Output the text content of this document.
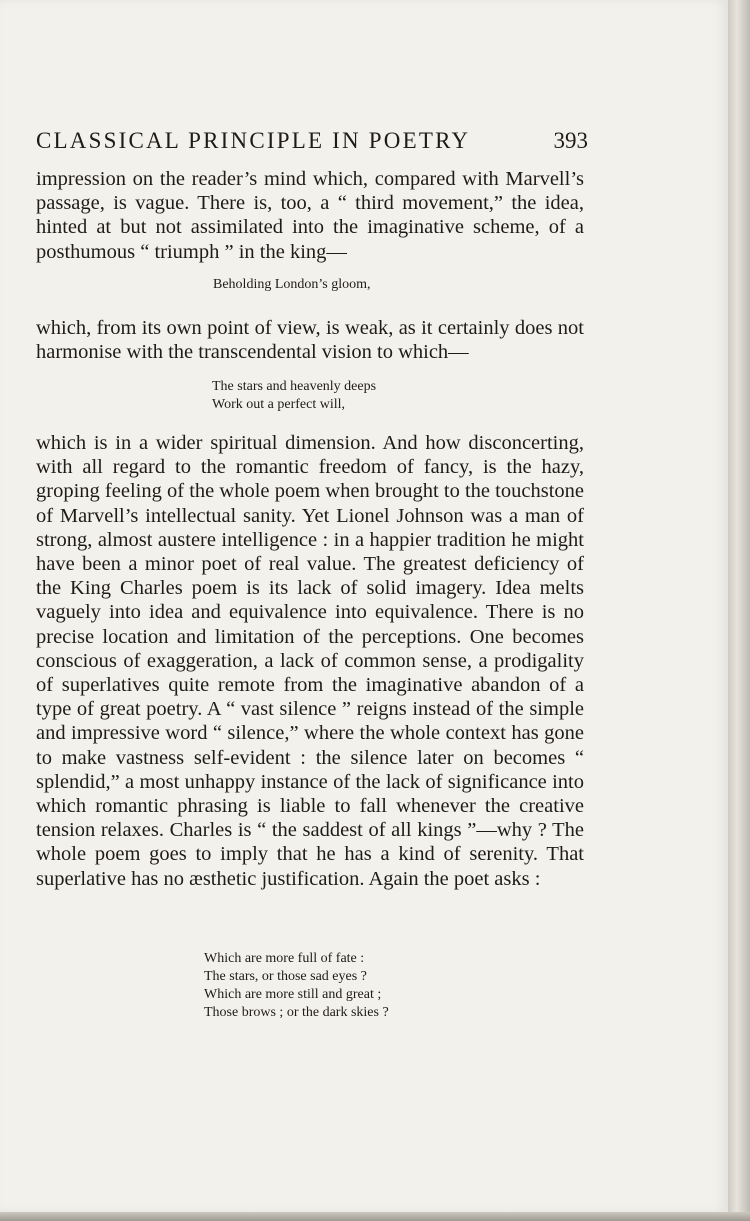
CLASSICAL PRINCIPLE IN POETRY	393

impression on the reader’s mind which, compared with Marvell’s passage, is vague. There is, too, a “ third movement,” the idea, hinted at but not assimilated into the imaginative scheme, of a posthumous “ triumph ” in the king—

Beholding London’s gloom,

which, from its own point of view, is weak, as it certainly does not harmonise with the transcendental vision to which—

The stars and heavenly deeps
Work out a perfect will,

which is in a wider spiritual dimension. And how disconcerting, with all regard to the romantic freedom of fancy, is the hazy, groping feeling of the whole poem when brought to the touchstone of Marvell’s intellectual sanity. Yet Lionel Johnson was a man of strong, almost austere intelligence : in a happier tradition he might have been a minor poet of real value. The greatest deficiency of the King Charles poem is its lack of solid imagery. Idea melts vaguely into idea and equivalence into equivalence. There is no precise location and limitation of the perceptions. One becomes conscious of exaggeration, a lack of common sense, a prodigality of superlatives quite remote from the imaginative abandon of a type of great poetry. A “ vast silence ” reigns instead of the simple and impressive word “ silence,” where the whole context has gone to make vastness self-evident : the silence later on becomes “ splendid,” a most unhappy instance of the lack of significance into which romantic phrasing is liable to fall whenever the creative tension relaxes. Charles is “ the saddest of all kings ”—why ? The whole poem goes to imply that he has a kind of serenity. That superlative has no æsthetic justification. Again the poet asks :

Which are more full of fate :
The stars, or those sad eyes ?
Which are more still and great ;
Those brows ; or the dark skies ?
